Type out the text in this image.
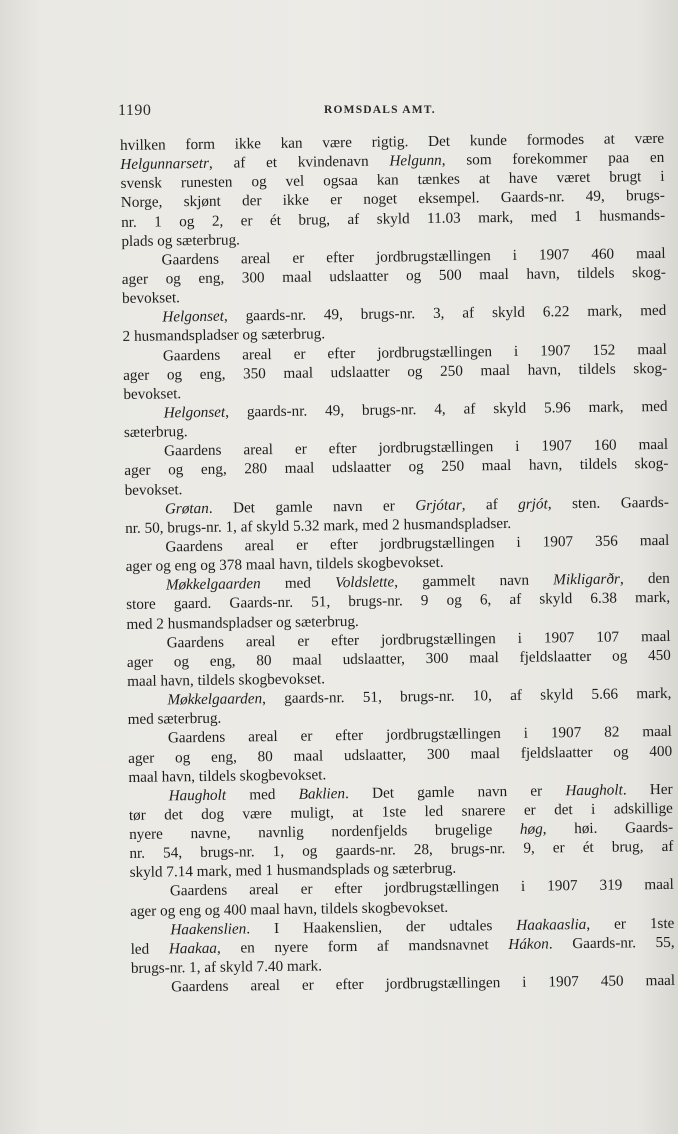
1190	ROMSDALS AMT.
hvilken form ikke kan være rigtig. Det kunde formodes at være
Helgunnarsetr, af et kvindenavn Helgunn, som forekommer paa en
svensk runesten og vel ogsaa kan tænkes at have været brugt i
Norge, skjønt der ikke er noget eksempel. Gaards-nr. 49, brugs-
nr. 1 og 2, er ét brug, af skyld 11.03 mark, med 1 husmands-
plads og sæterbrug.
Gaardens areal er efter jordbrugstællingen i 1907 460 maal
ager og eng, 300 maal udslaatter og 500 maal havn, tildels skog-
bevokset.
Helgonset, gaards-nr. 49, brugs-nr. 3, af skyld 6.22 mark, med
2 husmandspladser og sæterbrug.
Gaardens areal er efter jordbrugstællingen i 1907 152 maal
ager og eng, 350 maal udslaatter og 250 maal havn, tildels skog-
bevokset.
Helgonset, gaards-nr. 49, brugs-nr. 4, af skyld 5.96 mark, med
sæterbrug.
Gaardens areal er efter jordbrugstællingen i 1907 160 maal
ager og eng, 280 maal udslaatter og 250 maal havn, tildels skog-
bevokset.
Grøtan. Det gamle navn er Grjótar, af grjót, sten. Gaards-
nr. 50, brugs-nr. 1, af skyld 5.32 mark, med 2 husmandspladser.
Gaardens areal er efter jordbrugstællingen i 1907 356 maal
ager og eng og 378 maal havn, tildels skogbevokset.
Møkkelgaarden med Voldslette, gammelt navn Mikligarðr, den
store gaard. Gaards-nr. 51, brugs-nr. 9 og 6, af skyld 6.38 mark,
med 2 husmandspladser og sæterbrug.
Gaardens areal er efter jordbrugstællingen i 1907 107 maal
ager og eng, 80 maal udslaatter, 300 maal fjeldslaatter og 450
maal havn, tildels skogbevokset.
Møkkelgaarden, gaards-nr. 51, brugs-nr. 10, af skyld 5.66 mark,
med sæterbrug.
Gaardens areal er efter jordbrugstællingen i 1907 82 maal
ager og eng, 80 maal udslaatter, 300 maal fjeldslaatter og 400
maal havn, tildels skogbevokset.
Haugholt med Baklien. Det gamle navn er Haugholt. Her
tør det dog være muligt, at 1ste led snarere er det i adskillige
nyere navne, navnlig nordenfjelds brugelige høg, høi. Gaards-
nr. 54, brugs-nr. 1, og gaards-nr. 28, brugs-nr. 9, er ét brug, af
skyld 7.14 mark, med 1 husmandsplads og sæterbrug.
Gaardens areal er efter jordbrugstællingen i 1907 319 maal
ager og eng og 400 maal havn, tildels skogbevokset.
Haakenslien. I Haakenslien, der udtales Haakaaslia, er 1ste
led Haakaa, en nyere form af mandsnavnet Hákon. Gaards-nr. 55,
brugs-nr. 1, af skyld 7.40 mark.
Gaardens areal er efter jordbrugstællingen i 1907 450 maal
